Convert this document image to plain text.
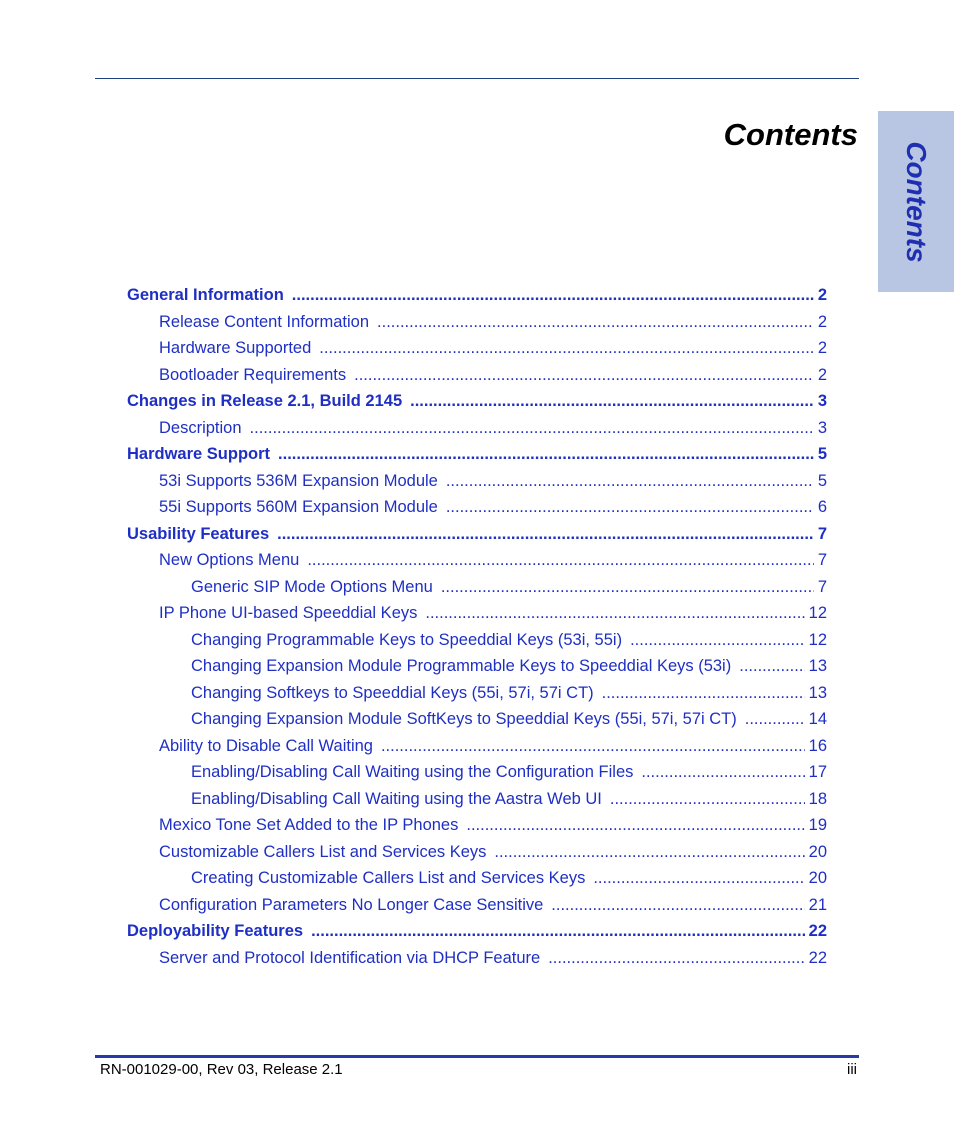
Contents
Contents
General Information .....	2
Release Content Information .....	2
Hardware Supported .....	2
Bootloader Requirements .....	2
Changes in Release 2.1, Build 2145 .....	3
Description .....	3
Hardware Support .....	5
53i Supports 536M Expansion Module .....	5
55i Supports 560M Expansion Module .....	6
Usability Features .....	7
New Options Menu .....	7
Generic SIP Mode Options Menu .....	7
IP Phone UI-based Speeddial Keys .....	12
Changing Programmable Keys to Speeddial Keys (53i, 55i) .....	12
Changing Expansion Module Programmable Keys to Speeddial Keys (53i) .....	13
Changing Softkeys to Speeddial Keys (55i, 57i, 57i CT) .....	13
Changing Expansion Module SoftKeys to Speeddial Keys (55i, 57i, 57i CT) .....	14
Ability to Disable Call Waiting .....	16
Enabling/Disabling Call Waiting using the Configuration Files .....	17
Enabling/Disabling Call Waiting using the Aastra Web UI .....	18
Mexico Tone Set Added to the IP Phones .....	19
Customizable Callers List and Services Keys .....	20
Creating Customizable Callers List and Services Keys .....	20
Configuration Parameters No Longer Case Sensitive .....	21
Deployability Features .....	22
Server and Protocol Identification via DHCP Feature .....	22
RN-001029-00, Rev 03, Release 2.1	iii
